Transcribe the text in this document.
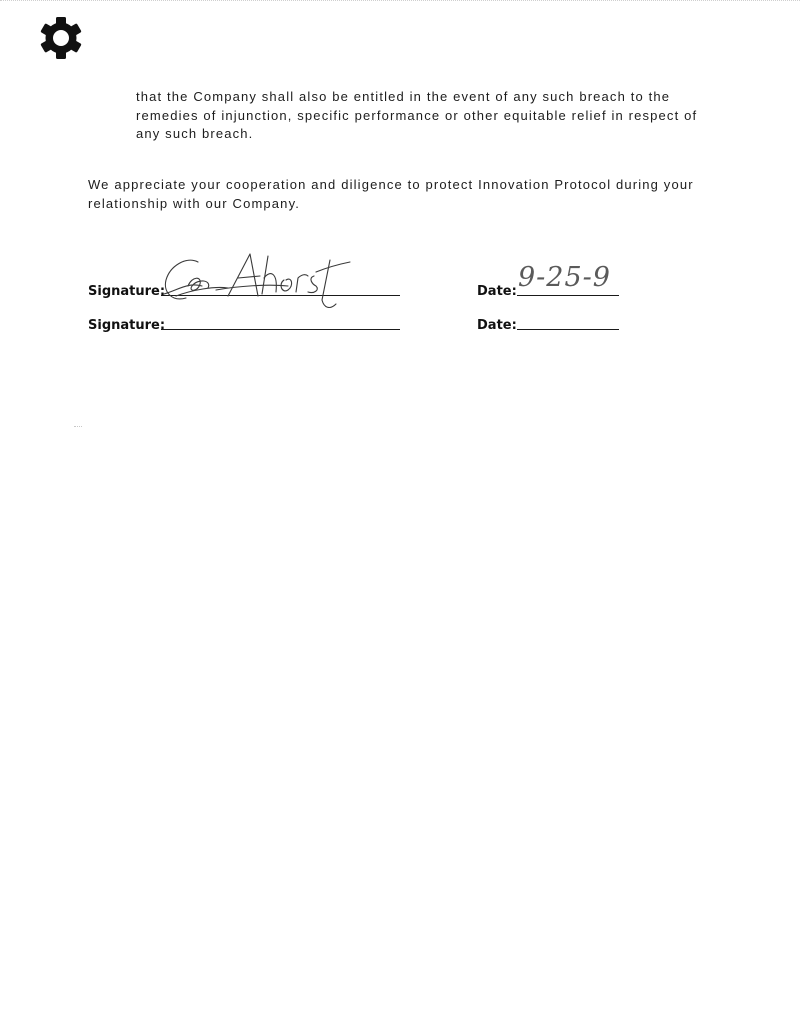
that the Company shall also be entitled in the event of any such breach to the remedies of injunction, specific performance or other equitable relief in respect of any such breach.

We appreciate your cooperation and diligence to protect Innovation Protocol during your relationship with our Company.

Signature:	Date: 9-25-9
Signature:	Date:
